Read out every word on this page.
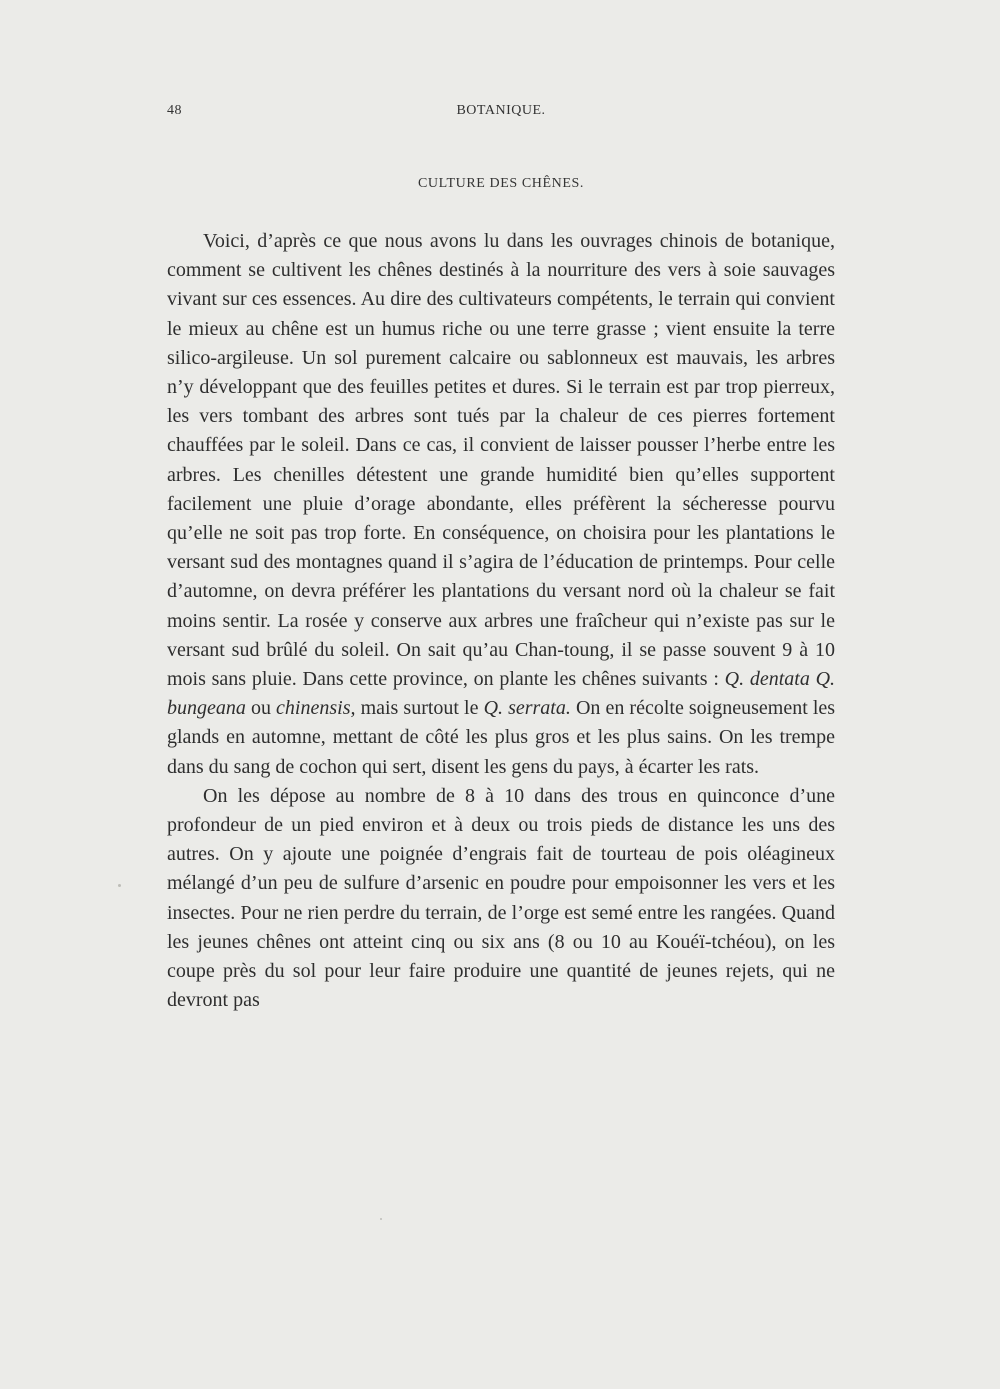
48	BOTANIQUE.
CULTURE DES CHÊNES.

Voici, d’après ce que nous avons lu dans les ouvrages chinois de botanique, comment se cultivent les chênes destinés à la nourriture des vers à soie sauvages vivant sur ces essences. Au dire des cultivateurs compétents, le terrain qui convient le mieux au chêne est un humus riche ou une terre grasse ; vient ensuite la terre silico-argileuse. Un sol purement calcaire ou sablonneux est mauvais, les arbres n’y développant que des feuilles petites et dures. Si le terrain est par trop pierreux, les vers tombant des arbres sont tués par la chaleur de ces pierres fortement chauffées par le soleil. Dans ce cas, il convient de laisser pousser l’herbe entre les arbres. Les chenilles détestent une grande humidité bien qu’elles supportent facilement une pluie d’orage abondante, elles préfèrent la sécheresse pourvu qu’elle ne soit pas trop forte. En conséquence, on choisira pour les plantations le versant sud des montagnes quand il s’agira de l’éducation de printemps. Pour celle d’automne, on devra préférer les plantations du versant nord où la chaleur se fait moins sentir. La rosée y conserve aux arbres une fraîcheur qui n’existe pas sur le versant sud brûlé du soleil. On sait qu’au Chan-toung, il se passe souvent 9 à 10 mois sans pluie. Dans cette province, on plante les chênes suivants : Q. dentata Q. bungeana ou chinensis, mais surtout le Q. serrata. On en récolte soigneusement les glands en automne, mettant de côté les plus gros et les plus sains. On les trempe dans du sang de cochon qui sert, disent les gens du pays, à écarter les rats.

On les dépose au nombre de 8 à 10 dans des trous en quinconce d’une profondeur de un pied environ et à deux ou trois pieds de distance les uns des autres. On y ajoute une poignée d’engrais fait de tourteau de pois oléagineux mélangé d’un peu de sulfure d’arsenic en poudre pour empoisonner les vers et les insectes. Pour ne rien perdre du terrain, de l’orge est semé entre les rangées. Quand les jeunes chênes ont atteint cinq ou six ans (8 ou 10 au Kouéï-tchéou), on les coupe près du sol pour leur faire produire une quantité de jeunes rejets, qui ne devront pas
